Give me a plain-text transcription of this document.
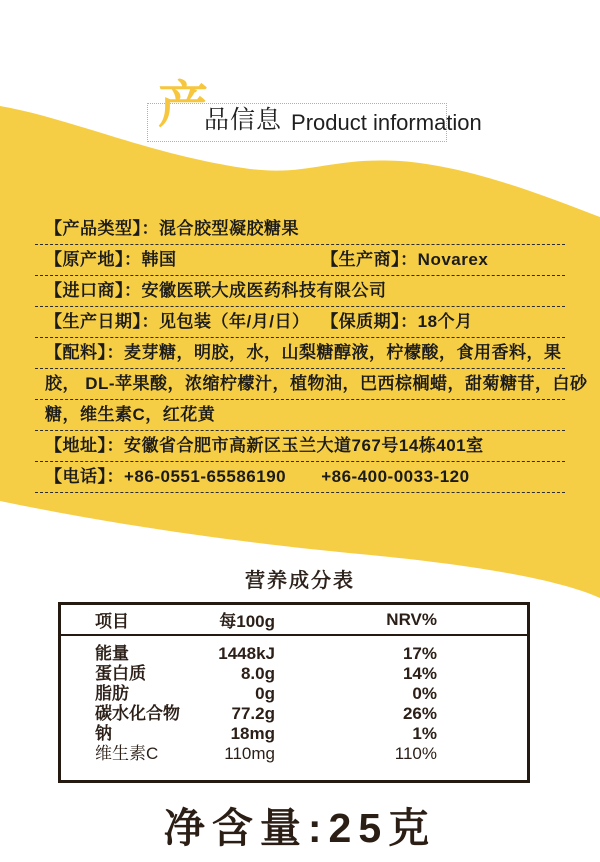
产
品信息 Product information
【产品类型】：混合胶型凝胶糖果
【原产地】：韩国	【生产商】：Novarex
【进口商】：安徽医联大成医药科技有限公司
【生产日期】：见包装（年/月/日） 【保质期】：18个月
【配料】：麦芽糖，明胶，水，山梨糖醇液，柠檬酸，食用香料，果
胶， DL-苹果酸，浓缩柠檬汁，植物油，巴西棕榈蜡，甜菊糖苷，白砂
糖，维生素C，红花黄
【地址】：安徽省合肥市高新区玉兰大道767号14栋401室
【电话】：+86-0551-65586190 +86-400-0033-120
营养成分表
项目	每100g	NRV%
能量	1448kJ	17%
蛋白质	8.0g	14%
脂肪	0g	0%
碳水化合物	77.2g	26%
钠	18mg	1%
维生素C	110mg	110%
净含量:25克
